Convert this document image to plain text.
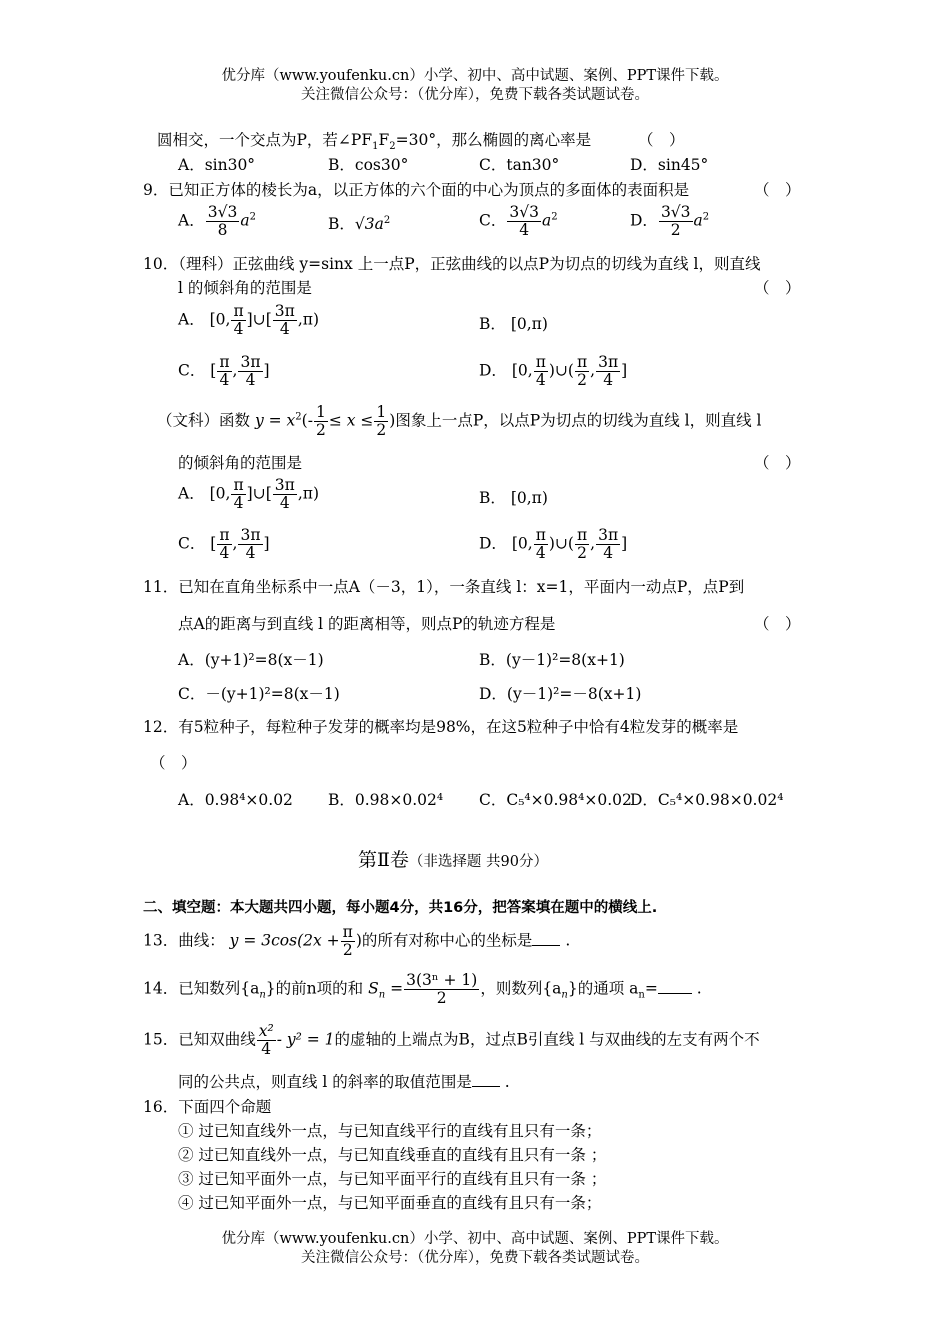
优分库（www.youfenku.cn）小学、初中、高中试题、案例、PPT课件下载。
关注微信公众号：（优分库），免费下载各类试题试卷。
圆相交，一个交点为P，若$\angle PF_1F_2=30^\circ$，那么椭圆的离心率是	（　）
A．sin30°	B．cos30°	C．tan30°	D．sin45°
9．已知正方体的棱长为a，以正方体的六个面的中心为顶点的多面体的表面积是	（　）
A． $\frac{3√3}{8} a^2$	B．$√3a^2$	C． $\frac{3√3}{4} a^2$	D． $\frac{3√3}{2} a^2$
10．（理科）正弦曲线 y=sinx 上一点P，正弦曲线的以点P为切点的切线为直线 l，则直线
l 的倾斜角的范围是	（　）
A． [0, $\frac{\pi}{4}$ ]∪[ $\frac{3\pi}{4} ,\pi$)	B． [0,π)
C． [ $\frac{\pi}{4}$ , $\frac{3\pi}{4}$ ]	D． [0, $\frac{\pi}{4}$ )∪( $\frac{\pi}{2}$ , $\frac{3\pi}{4}$ ]
（文科）函数 $y = x^2(- \frac{1}{2} \le x \le \frac{1}{2}$ )图象上一点P，以点P为切点的切线为直线 l，则直线 l
的倾斜角的范围是	（　）
A． [0, $\frac{\pi}{4}$ ]∪[ $\frac{3\pi}{4} ,\pi$)	B． [0,π)
C． [ $\frac{\pi}{4}$ , $\frac{3\pi}{4}$ ]	D． [0, $\frac{\pi}{4}$ )∪( $\frac{\pi}{2}$ , $\frac{3\pi}{4}$ ]
11．已知在直角坐标系中一点A（－3，1），一条直线 l：x=1，平面内一动点P，点P到
点A的距离与到直线 l 的距离相等，则点P的轨迹方程是	（　）
A．(y+1)²=8(x－1)	B．(y－1)²=8(x+1)
C．－(y+1)²=8(x－1)	D．(y－1)²=－8(x+1)
12．有5粒种子，每粒种子发芽的概率均是98%，在这5粒种子中恰有4粒发芽的概率是
（　）
A．0.98⁴×0.02 B．0.98×0.02⁴ C．C₅⁴×0.98⁴×0.02
D．C₅⁴×0.98×0.02⁴
第Ⅱ卷（非选择题 共90分）
二、填空题：本大题共四小题，每小题4分，共16分，把答案填在题中的横线上.
13．曲线： $y = 3\cos(2x + \frac{\pi}{2}$ )的所有对称中心的坐标是 .
14．已知数列$\{a_n\}$的前n项的和 $S_n = \frac{\text{3(3ⁿ + 1)}}{2}$ ，则数列$\{a_n\}$的通项 $a_n=$	.
15．已知双曲线 $\frac{\text{x²}}{4} - y^2 = 1$的虚轴的上端点为B，过点B引直线 l 与双曲线的左支有两个不
同的公共点，则直线 l 的斜率的取值范围是 .
16．下面四个命题
① 过已知直线外一点，与已知直线平行的直线有且只有一条；
② 过已知直线外一点，与已知直线垂直的直线有且只有一条 ；
③ 过已知平面外一点，与已知平面平行的直线有且只有一条 ；
④ 过已知平面外一点，与已知平面垂直的直线有且只有一条；
优分库（www.youfenku.cn）小学、初中、高中试题、案例、PPT课件下载。
关注微信公众号：（优分库），免费下载各类试题试卷。
